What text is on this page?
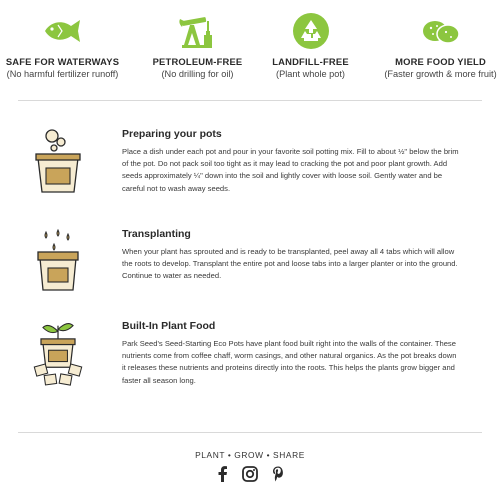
SAFE FOR WATERWAYS
(No harmful fertilizer runoff)
PETROLEUM-FREE
(No drilling for oil)
LANDFILL-FREE
(Plant whole pot)
MORE FOOD YIELD
(Faster growth & more fruit)
Preparing your pots
Place a dish under each pot and pour in your favorite soil potting mix. Fill to about ½" below the brim of the pot. Do not pack soil too tight as it may lead to cracking the pot and poor plant growth. Add seeds approximately ¼" down into the soil and lightly cover with loose soil. Gently water and be careful not to wash away seeds.
Transplanting
When your plant has sprouted and is ready to be transplanted, peel away all 4 tabs which will allow the roots to develop. Transplant the entire pot and loose tabs into a larger planter or into the ground. Continue to water as needed.
Built-In Plant Food
Park Seed's Seed-Starting Eco Pots have plant food built right into the walls of the container. These nutrients come from coffee chaff, worm casings, and other natural organics. As the pot breaks down it releases these nutrients and proteins directly into the roots. This helps the plants grow bigger and faster all season long.
PLANT • GROW • SHARE
